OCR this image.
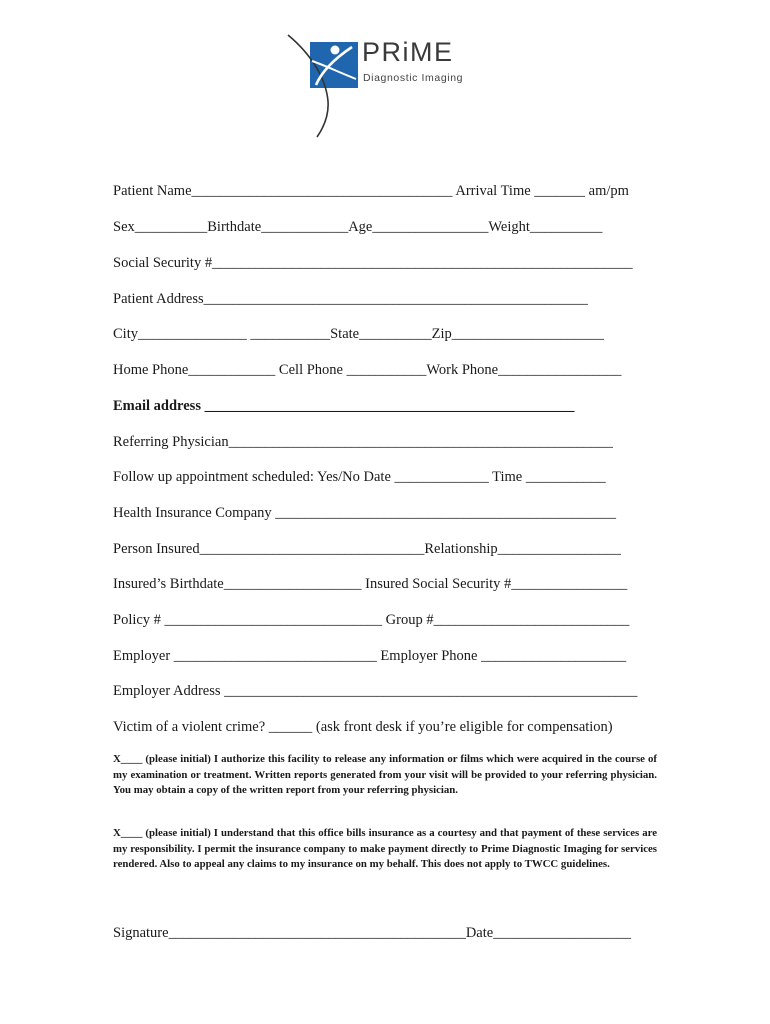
PRiME
Diagnostic Imaging
Patient Name____________________________________ Arrival Time _______ am/pm
Sex__________Birthdate____________Age________________Weight__________
Social Security #__________________________________________________________
Patient Address_____________________________________________________
City_______________ ___________State__________Zip_____________________
Home Phone____________ Cell Phone ___________Work Phone_________________
Email address ___________________________________________________
Referring Physician_____________________________________________________
Follow up appointment scheduled: Yes/No Date _____________ Time ___________
Health Insurance Company _______________________________________________
Person Insured_______________________________Relationship_________________
Insured’s Birthdate___________________ Insured Social Security #________________
Policy # ______________________________ Group #___________________________
Employer ____________________________ Employer Phone ____________________
Employer Address _________________________________________________________
Victim of a violent crime? ______ (ask front desk if you’re eligible for compensation)
X____ (please initial) I authorize this facility to release any information or films which were acquired in the course of my examination or treatment. Written reports generated from your visit will be provided to your referring physician. You may obtain a copy of the written report from your referring physician.
X____ (please initial) I understand that this office bills insurance as a courtesy and that payment of these services are my responsibility. I permit the insurance company to make payment directly to Prime Diagnostic Imaging for services rendered. Also to appeal any claims to my insurance on my behalf. This does not apply to TWCC guidelines.
Signature_________________________________________Date___________________
